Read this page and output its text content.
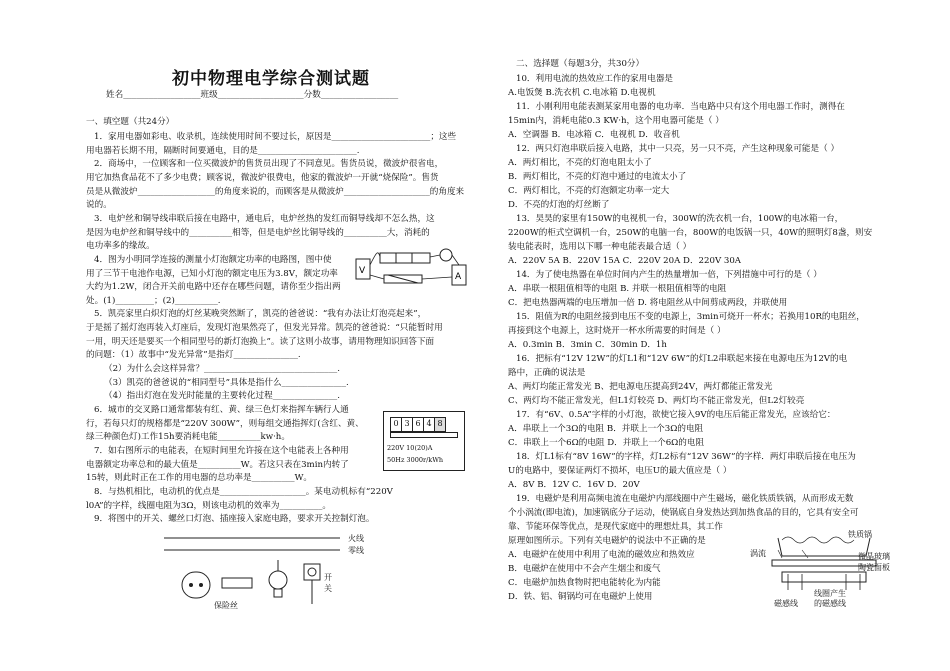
初中物理电学综合测试题
姓名__________________班级____________________分数__________________
一、填空题（共24分）
1．家用电器如彩电、收录机，连续使用时间不要过长，原因是_______________________；这些
用电器若长期不用，隔断时间要通电，目的是_______________________.
2．商场中，一位顾客和一位买微波炉的售货员出现了不同意见。售货员说，微波炉很省电，
用它加热食品花不了多少电费；顾客说，微波炉很费电，他家的微波炉一开就“烧保险”。售货
员是从微波炉__________________的角度来说的，而顾客是从微波炉____________________的角度来
说的。
3．电炉丝和铜导线串联后接在电路中，通电后，电炉丝热的发红而铜导线却不怎么热，这
是因为电炉丝和铜导线中的__________相等，但是电炉丝比铜导线的__________大，消耗的
电功率多的缘故。
4．图为小明同学连接的测量小灯泡额定功率的电路图，图中使
用了三节干电池作电源，已知小灯泡的额定电压为3.8V，额定功率
大约为1.2W，闭合开关前电路中还存在哪些问题，请你至少指出两
处。(1)_________；(2)__________.
5．凯亮家里白炽灯泡的灯丝某晚突然断了，凯亮的爸爸说：“我有办法让灯泡亮起来”，
于是摇了摇灯泡再装入灯座后，发现灯泡果然亮了，但发光异常。凯亮的爸爸说：“只能暂时用
一用，明天还是要买一个相同型号的新灯泡换上”。读了这则小故事，请用物理知识回答下面
的问题：（1）故事中“发光异常”是指灯_______________.
（2）为什么会这样异常？_______________________________.
（3）凯亮的爸爸说的“相同型号”具体是指什么_______________.
（4）指出灯泡在发光时能量的主要转化过程_______________.
6．城市的交叉路口通常都装有红、黄、绿三色灯来指挥车辆行人通
行，若每只灯的规格都是“220V 300W”，则每组交通指挥灯(含红、黄、
绿三种颜色灯)工作15h要消耗电能__________kw·h。
7．如右图所示的电能表，在短时间里允许接在这个电能表上各种用
电器额定功率总和的最大值是__________W。若这只表在3min内转了
15转，则此时正在工作的用电器的总功率是__________W。
8．与热机相比，电动机的优点是____________________。某电动机标有“220V
l0A”的字样，线圈电阻为3Ω，则该电动机的效率为__________。
9．将图中的开关、螺丝口灯泡、插座接入家庭电路，要求开关控制灯泡。
V
A
0 3 6 4 8
220V 10(20)A
50Hz 3000r/kWh
火线
零线
保险丝
开关
二、选择题（每题3分，共30分）
10．利用电流的热效应工作的家用电器是
A.电饭煲 B.洗衣机 C.电冰箱 D.电视机
11．小刚利用电能表测某家用电器的电功率．当电路中只有这个用电器工作时，测得在
15min内，消耗电能0.3 KW·h，这个用电器可能是（ ）
A．空调器 B．电冰箱 C．电视机 D．收音机
12．两只灯泡串联后接入电路，其中一只亮，另一只不亮，产生这种现象可能是（ ）
A．两灯相比，不亮的灯泡电阻太小了
B．两灯相比，不亮的灯泡中通过的电流太小了
C．两灯相比，不亮的灯泡额定功率一定大
D．不亮的灯泡的灯丝断了
13．昊昊的家里有150W的电视机一台，300W的洗衣机一台，100W的电冰箱一台，
2200W的柜式空调机一台，250W的电脑一台，800W的电饭锅一只，40W的照明灯8盏，则安
装电能表时，选用以下哪一种电能表最合适（ ）
A．220V 5A B．220V 15A C．220V 20A D．220V 30A
14．为了使电热器在单位时间内产生的热量增加一倍，下列措施中可行的是（ ）
A．串联一根阻值相等的电阻 B. 并联一根阻值相等的电阻
C．把电热器两端的电压增加一倍 D. 将电阻丝从中间剪成两段，并联使用
15．阻值为R的电阻丝接到电压不变的电源上，3min可烧开一杯水；若换用10R的电阻丝，
再接到这个电源上，这时烧开一杯水所需要的时间是（ ）
A．0.3min B．3min C．30min D．1h
16．把标有“12V 12W”的灯L1和“12V 6W”的灯L2串联起来接在电源电压为12V的电
路中，正确的说法是
A、两灯均能正常发光 B、把电源电压提高到24V，两灯都能正常发光
C、两灯均不能正常发光，但L1灯较亮 D、两灯均不能正常发光，但L2灯较亮
17．有“6V、0.5A”字样的小灯泡，欲使它接入9V的电压后能正常发光，应该给它：
A．串联上一个3Ω的电阻 B．并联上一个3Ω的电阻
C．串联上一个6Ω的电阻 D．并联上一个6Ω的电阻
18．灯L1标有“8V 16W”的字样，灯L2标有“12V 36W”的字样．两灯串联后接在电压为
U的电路中，要保证两灯不损坏，电压U的最大值应是（ ）
A．8V B．12V C．16V D．20V
19．电磁炉是利用高频电流在电磁炉内部线圈中产生磁场，磁化铁质铁锅，从而形成无数
个小涡流(即电流)，加速锅底分子运动，使锅底自身发热达到加热食品的目的，它具有安全可
靠、节能环保等优点，是现代家庭中的理想灶具，其工作
原理如图所示。下列有关电磁炉的说法中不正确的是
A．电磁炉在使用中利用了电流的磁效应和热效应
B．电磁炉在使用中不会产生烟尘和废气
C．电磁炉加热食物时把电能转化为内能
D．铁、铝、铜锅均可在电磁炉上使用
铁质锅
微晶玻璃
陶瓷面板
涡流
线圈产生
的磁感线
磁感线
